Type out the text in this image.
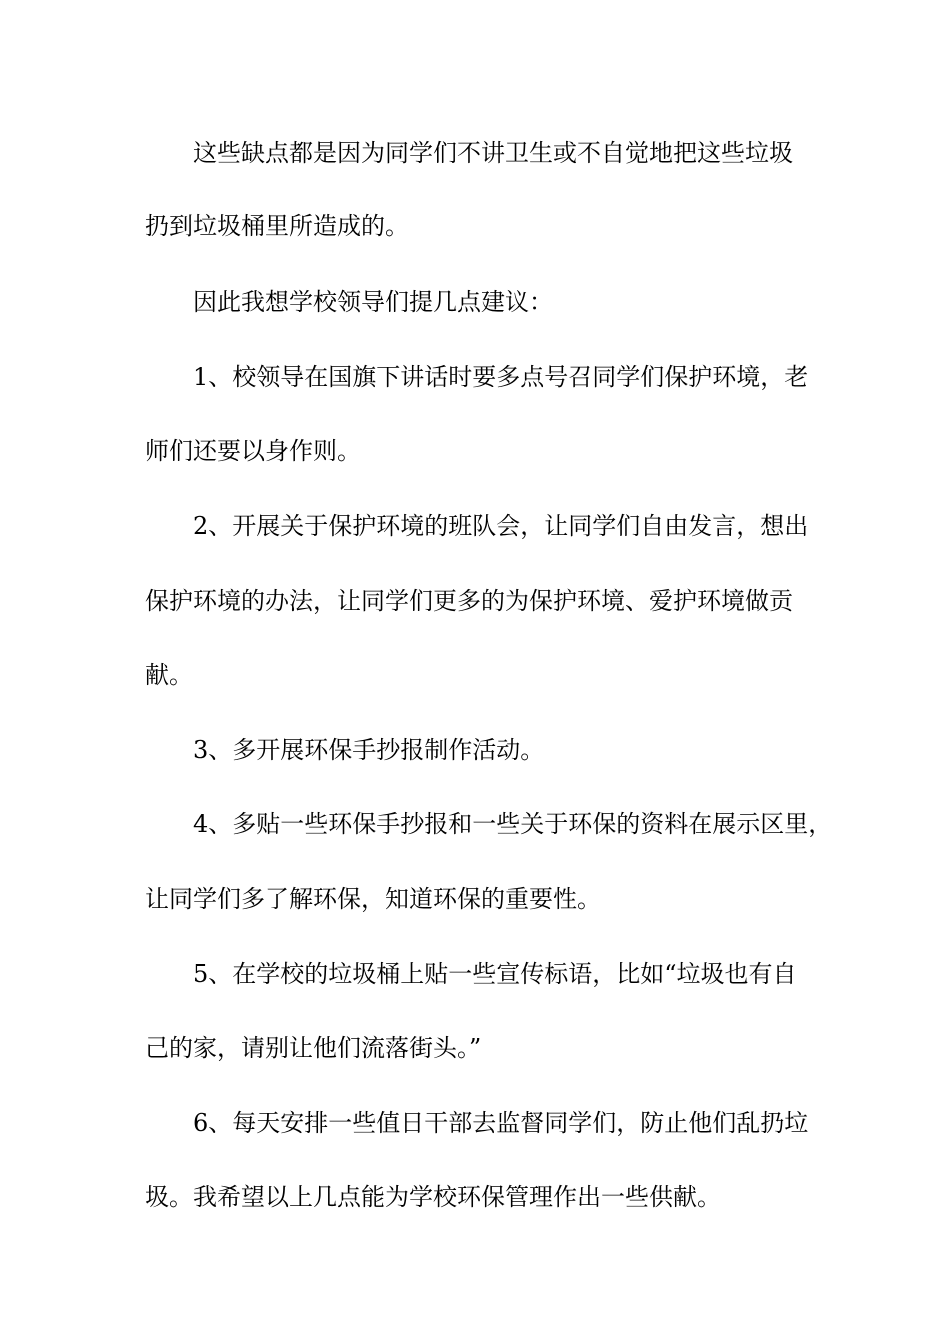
这些缺点都是因为同学们不讲卫生或不自觉地把这些垃圾
扔到垃圾桶里所造成的。
因此我想学校领导们提几点建议：
1、校领导在国旗下讲话时要多点号召同学们保护环境，老
师们还要以身作则。
2、开展关于保护环境的班队会，让同学们自由发言，想出
保护环境的办法，让同学们更多的为保护环境、爱护环境做贡
献。
3、多开展环保手抄报制作活动。
4、多贴一些环保手抄报和一些关于环保的资料在展示区里，
让同学们多了解环保，知道环保的重要性。
5、在学校的垃圾桶上贴一些宣传标语，比如“垃圾也有自
己的家，请别让他们流落街头。”
6、每天安排一些值日干部去监督同学们，防止他们乱扔垃
圾。我希望以上几点能为学校环保管理作出一些供献。
